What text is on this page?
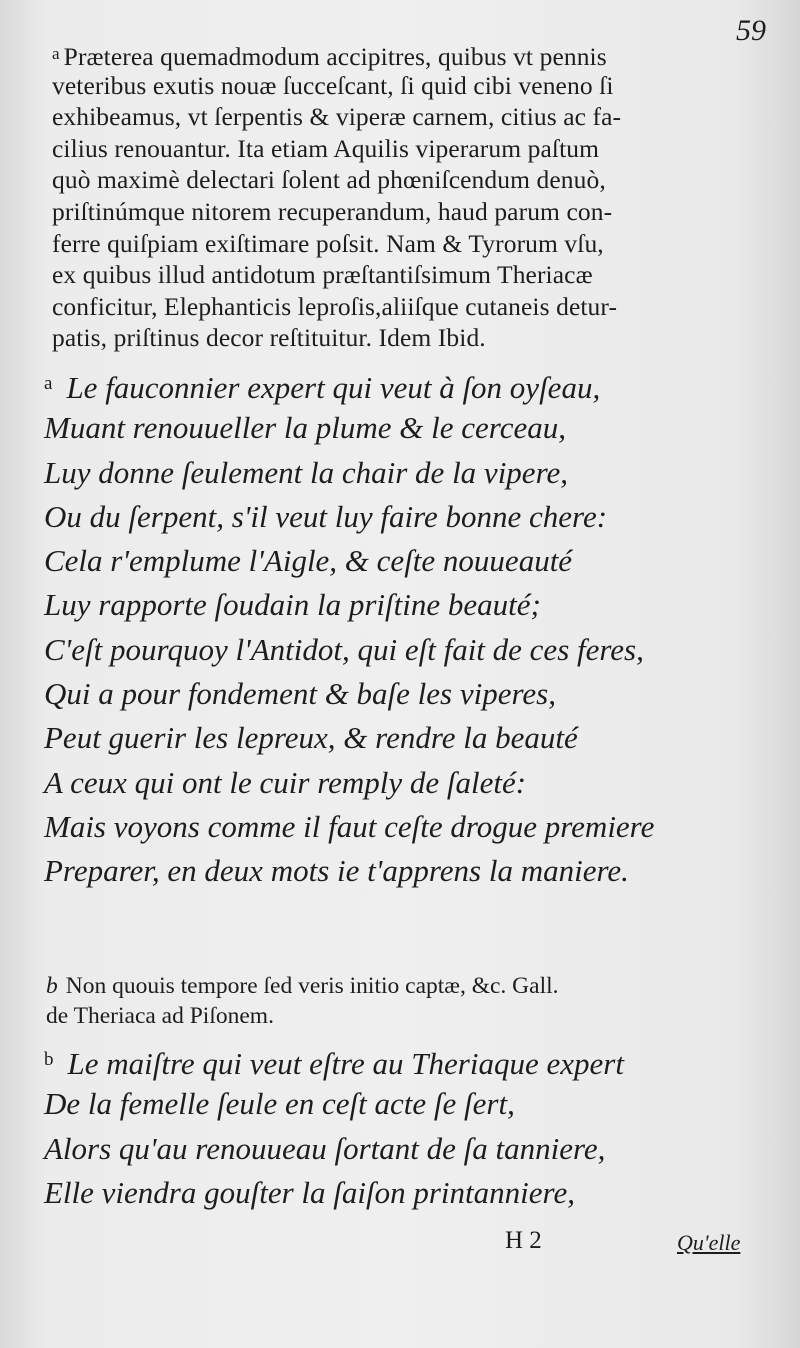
59
$^a$ Præterea quemadmodum accipitres, quibus vt pennis
veteribus exutis nouæ ſucceſcant, ſi quid cibi veneno ſi
exhibeamus, vt ſerpentis & viperæ carnem, citius ac fa-
cilius renouantur. Ita etiam Aquilis viperarum paſtum
quò maximè delectari ſolent ad phœniſcendum denuò,
priſtinúmque nitorem recuperandum, haud parum con-
ferre quiſpiam exiſtimare poſsit. Nam & Tyrorum vſu,
ex quibus illud antidotum præſtantiſsimum Theriacæ
conficitur, Elephanticis leproſis,aliiſque cutaneis detur-
patis, priſtinus decor reſtituitur. Idem Ibid.
$^a$ Le fauconnier expert qui veut à ſon oyſeau,
Muant renouueller la plume & le cerceau,
Luy donne ſeulement la chair de la vipere,
Ou du ſerpent, s'il veut luy faire bonne chere:
Cela r'emplume l'Aigle, & ceſte nouueauté
Luy rapporte ſoudain la priſtine beauté;
C'eſt pourquoy l'Antidot, qui eſt fait de ces feres,
Qui a pour fondement & baſe les viperes,
Peut guerir les lepreux, & rendre la beauté
A ceux qui ont le cuir remply de ſaleté:
Mais voyons comme il faut ceſte drogue premiere
Preparer, en deux mots ie t'apprens la maniere.
b Non quouis tempore ſed veris initio captæ, &c. Gall.
de Theriaca ad Piſonem.
$^b$ Le maiſtre qui veut eſtre au Theriaque expert
De la femelle ſeule en ceſt acte ſe ſert,
Alors qu'au renouueau ſortant de ſa tanniere,
Elle viendra gouſter la ſaiſon printanniere,
H 2	Qu'elle
